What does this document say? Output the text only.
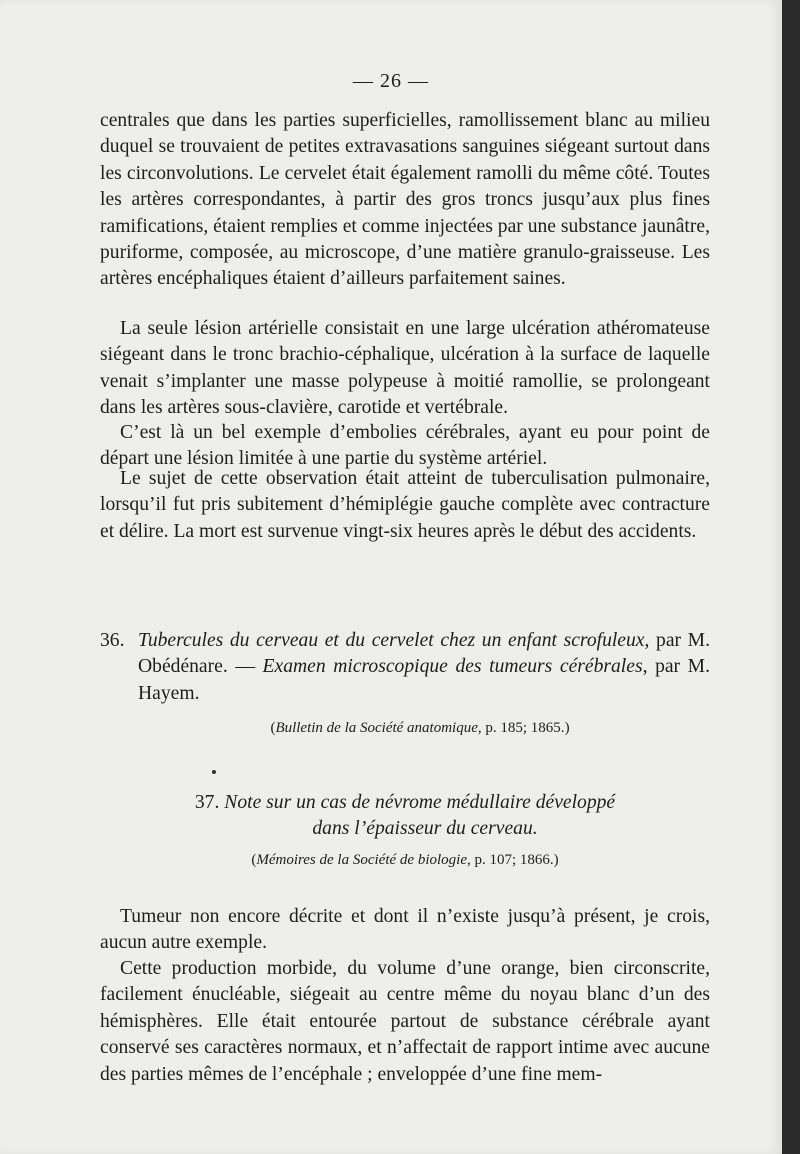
— 26 —

centrales que dans les parties superficielles, ramollissement blanc au milieu duquel se trouvaient de petites extravasations sanguines siégeant surtout dans les circonvolutions. Le cervelet était également ramolli du même côté. Toutes les artères correspondantes, à partir des gros troncs jusqu’aux plus fines ramifications, étaient remplies et comme injectées par une substance jaunâtre, puriforme, composée, au microscope, d’une matière granulo-graisseuse. Les artères encéphaliques étaient d’ailleurs parfaitement saines.

La seule lésion artérielle consistait en une large ulcération athéromateuse siégeant dans le tronc brachio-céphalique, ulcération à la surface de laquelle venait s’implanter une masse polypeuse à moitié ramollie, se prolongeant dans les artères sous-clavière, carotide et vertébrale.

C’est là un bel exemple d’embolies cérébrales, ayant eu pour point de départ une lésion limitée à une partie du système artériel.

Le sujet de cette observation était atteint de tuberculisation pulmonaire, lorsqu’il fut pris subitement d’hémiplégie gauche complète avec contracture et délire. La mort est survenue vingt-six heures après le début des accidents.

36. Tubercules du cerveau et du cervelet chez un enfant scrofuleux, par M. Obédénare. — Examen microscopique des tumeurs cérébrales, par M. Hayem.
(Bulletin de la Société anatomique, p. 185; 1865.)
37. Note sur un cas de névrome médullaire développé
dans l’épaisseur du cerveau.
(Mémoires de la Société de biologie, p. 107; 1866.)

Tumeur non encore décrite et dont il n’existe jusqu’à présent, je crois, aucun autre exemple.

Cette production morbide, du volume d’une orange, bien circonscrite, facilement énucléable, siégeait au centre même du noyau blanc d’un des hémisphères. Elle était entourée partout de substance cérébrale ayant conservé ses caractères normaux, et n’affectait de rapport intime avec aucune des parties mêmes de l’encéphale ; enveloppée d’une fine mem-
